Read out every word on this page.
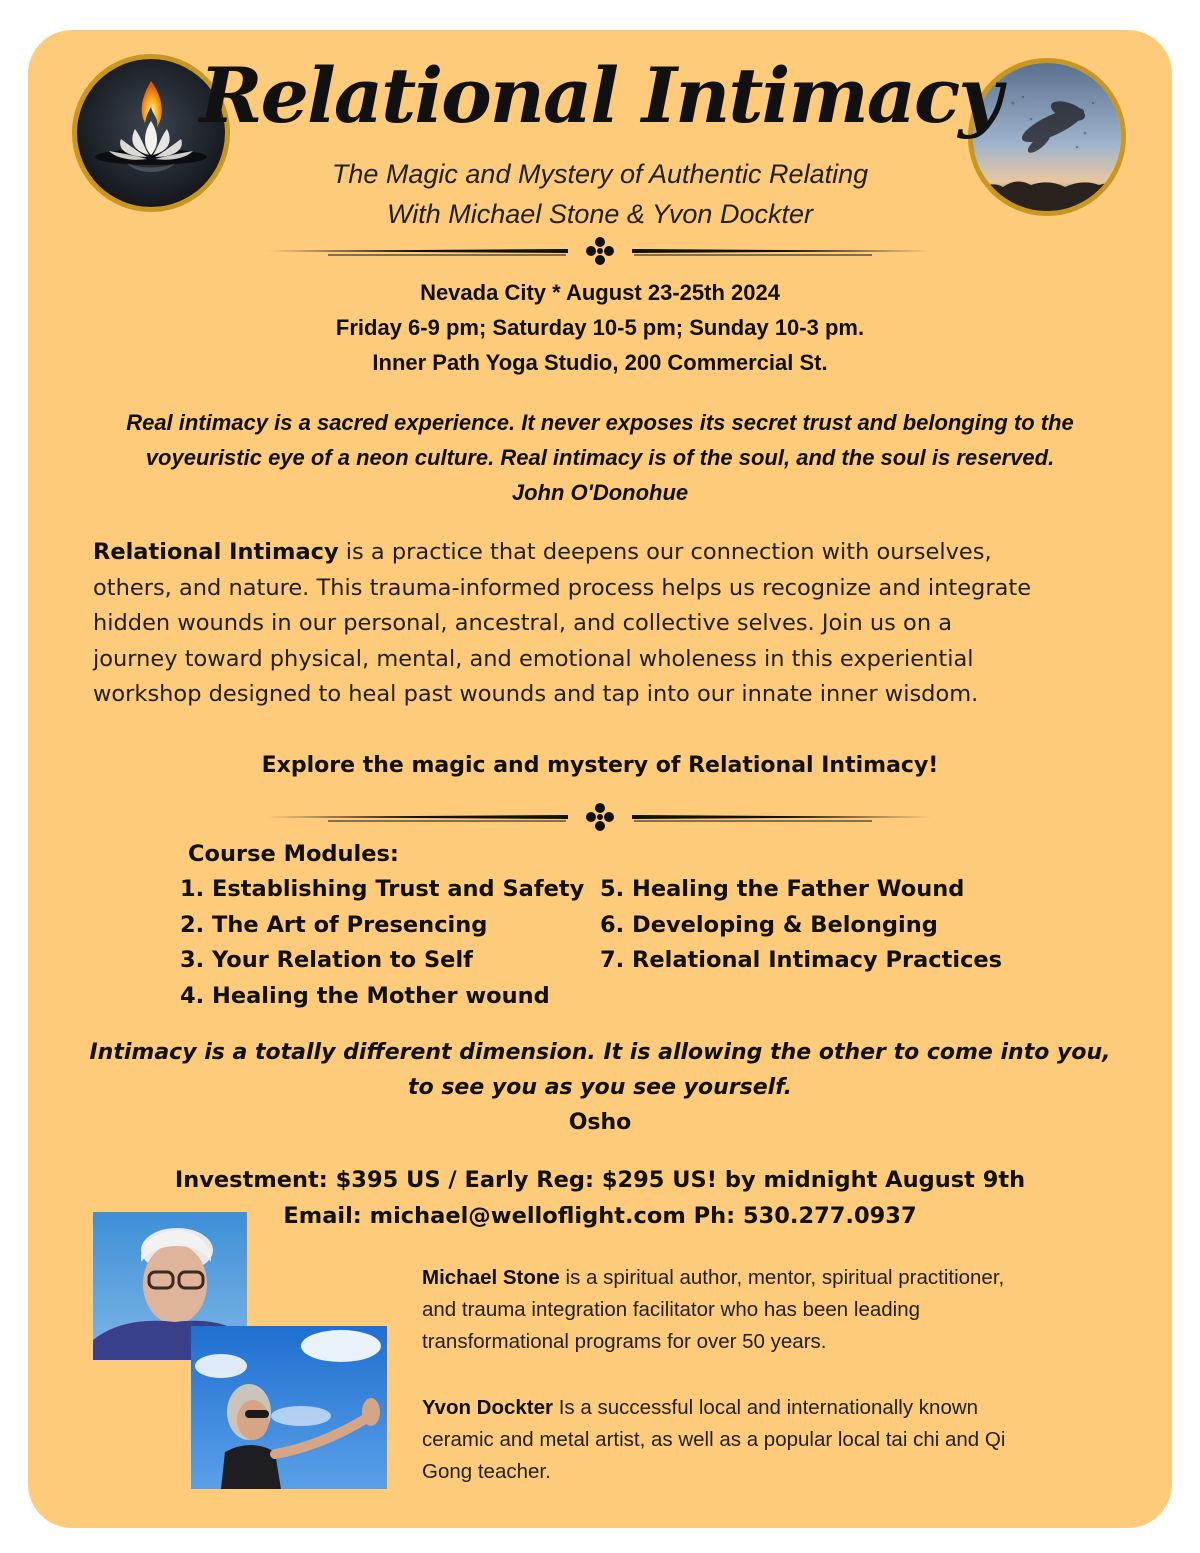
Relational Intimacy
The Magic and Mystery of Authentic Relating
With Michael Stone & Yvon Dockter
Nevada City * August 23-25th 2024
Friday 6-9 pm; Saturday 10-5 pm; Sunday 10-3 pm.
Inner Path Yoga Studio, 200 Commercial St.
Real intimacy is a sacred experience. It never exposes its secret trust and belonging to the
voyeuristic eye of a neon culture. Real intimacy is of the soul, and the soul is reserved.
John O'Donohue
Relational Intimacy is a practice that deepens our connection with ourselves,
others, and nature. This trauma-informed process helps us recognize and integrate
hidden wounds in our personal, ancestral, and collective selves. Join us on a
journey toward physical, mental, and emotional wholeness in this experiential
workshop designed to heal past wounds and tap into our innate inner wisdom.
Explore the magic and mystery of Relational Intimacy!
Course Modules:
1. Establishing Trust and Safety
2. The Art of Presencing
3. Your Relation to Self
4. Healing the Mother wound
5. Healing the Father Wound
6. Developing & Belonging
7. Relational Intimacy Practices
Intimacy is a totally different dimension. It is allowing the other to come into you,
to see you as you see yourself.
Osho
Investment: $395 US / Early Reg: $295 US! by midnight August 9th
Email: michael@welloflight.com Ph: 530.277.0937
Michael Stone is a spiritual author, mentor, spiritual practitioner,
and trauma integration facilitator who has been leading
transformational programs for over 50 years.
Yvon Dockter Is a successful local and internationally known
ceramic and metal artist, as well as a popular local tai chi and Qi
Gong teacher.
